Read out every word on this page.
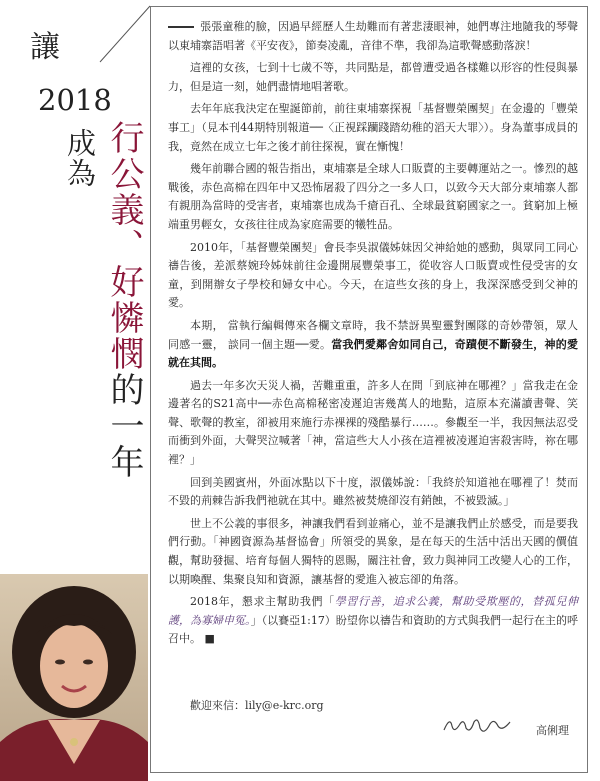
讓
2018
成為 行公義、好憐憫的一年

張張童稚的臉，因過早經歷人生劫難而有著悲淒眼神，她們專注地隨我的琴聲以東埔寨語唱著《平安夜》，節奏凌亂，音律不準，我卻為這歌聲感動落淚！

這裡的女孩，七到十七歲不等，共同點是，都曾遭受過各樣難以形容的性侵與暴力，但是這一刻，她們盡情地唱著歌。

去年年底我決定在聖誕節前，前往東埔寨探視「基督豐榮團契」在金邊的「豐榮事工」（見本刊44期特別報道──〈正視踩躪踐踏幼稚的滔天大罪〉）。身為董事成員的我，竟然在成立七年之後才前往探視，實在慚愧！

幾年前聯合國的報告指出，東埔寨是全球人口販賣的主要轉運站之一。慘烈的越戰後，赤色高棉在四年中又恐怖屠殺了四分之一多人口，以致今天大部分東埔寨人都有親朋為當時的受害者，東埔寨也成為千瘡百孔、全球最貧窮國家之一。貧窮加上極端重男輕女，女孩往往成為家庭需要的犧牲品。

2010年，「基督豐榮團契」會長李吳淑儀姊妹因父神給她的感動，與眾同工同心禱告後，差派蔡婉玲姊妹前往金邊開展豐榮事工，從收容人口販賣或性侵受害的女童，到開辦女子學校和婦女中心。今天，在這些女孩的身上，我深深感受到父神的愛。

本期， 當執行編輯傳來各欄文章時，我不禁訝異聖靈對團隊的奇妙帶領，眾人同感一靈， 談同一個主題──愛。當我們愛鄰舍如同自己，奇蹟便不斷發生，神的愛就在其間。

過去一年多次天災人禍，苦難重重，許多人在問「到底神在哪裡？」當我走在金邊著名的S21高中──赤色高棉秘密凌遲迫害幾萬人的地點，這原本充滿讀書聲、笑聲、歌聲的教室，卻被用來施行赤裸裸的殘酷暴行……。參觀至一半，我因無法忍受而衝到外面，大聲哭泣喊著「神，當這些大人小孩在這裡被凌遲迫害殺害時，祢在哪裡？」

回到美國賓州，外面冰點以下十度，淑儀姊說：「我終於知道祂在哪裡了！焚而不毀的荊棘告訴我們祂就在其中。雖然被焚燒卻沒有銷蝕，不被毀滅。」

世上不公義的事很多，神讓我們看到並痛心，並不是讓我們止於感受，而是要我們行動。「神國資源為基督協會」所領受的異象，是在每天的生活中活出天國的價值觀，幫助發掘、培育每個人獨特的恩賜，關注社會，致力與神同工改變人心的工作，以期喚醒、集聚良知和資源，讓基督的愛進入被忘卻的角落。

2018年，懇求主幫助我們「學習行善，追求公義，幫助受欺壓的，替孤兒伸護，為寡婦申冤。」（以賽亞1:17）盼望你以禱告和資助的方式與我們一起行在主的呼召中。 ■

歡迎來信：lily@e-krc.org
高俐理
